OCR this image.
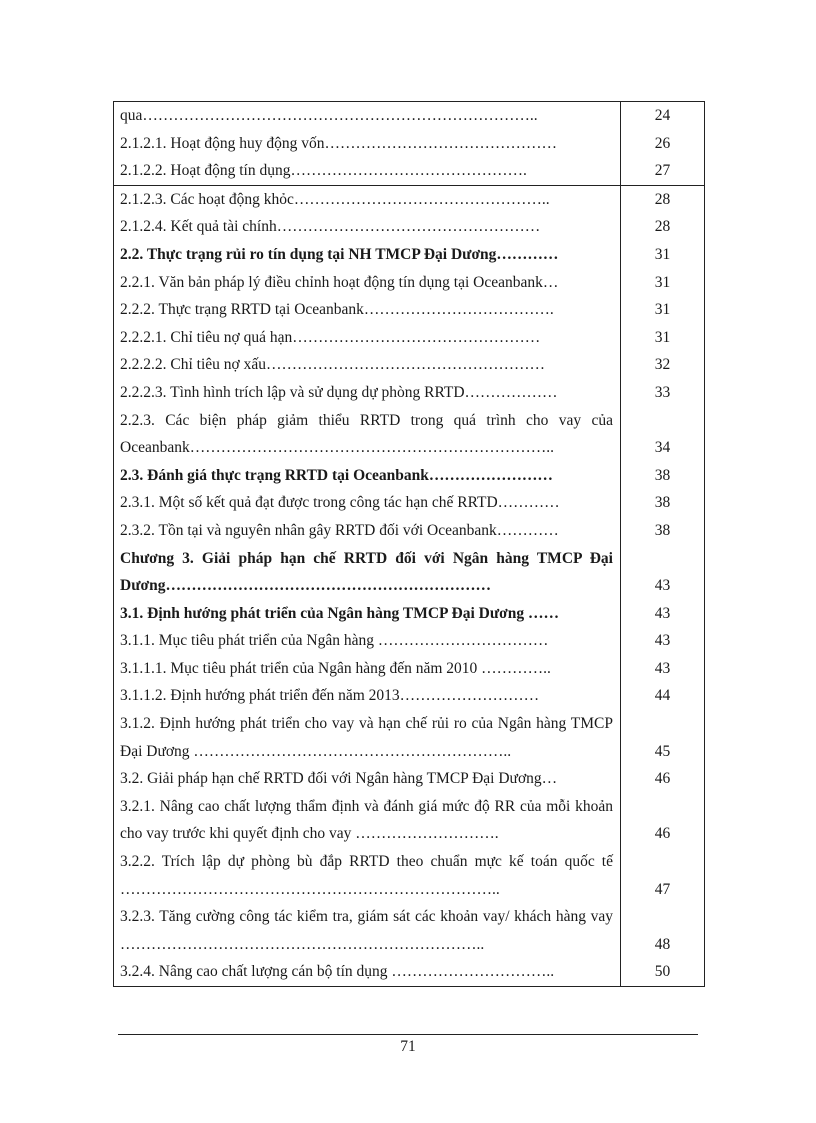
qua…………………………………………………………………..	24
2.1.2.1. Hoạt động huy động vốn………………………………………	26
2.1.2.2. Hoạt động tín dụng……………………………………….	27
2.1.2.3. Các hoạt động khỏc…………………………………………..	28
2.1.2.4. Kết quả tài chính……………………………………………	28
2.2. Thực trạng rủi ro tín dụng tại NH TMCP Đại Dương…………	31
2.2.1. Văn bản pháp lý điều chỉnh hoạt động tín dụng tại Oceanbank…	31
2.2.2. Thực trạng RRTD tại Oceanbank……………………………….	31
2.2.2.1. Chỉ tiêu nợ quá hạn…………………………………………	31
2.2.2.2. Chỉ tiêu nợ xấu………………………………………………	32
2.2.2.3. Tình hình trích lập và sử dụng dự phòng RRTD………………	33
2.2.3. Các biện pháp giảm thiểu RRTD trong quá trình cho vay của Oceanbank……………………………………………………………..	34
2.3. Đánh giá thực trạng RRTD tại Oceanbank……………………	38
2.3.1. Một số kết quả đạt được trong công tác hạn chế RRTD…………	38
2.3.2. Tồn tại và nguyên nhân gây RRTD đối với Oceanbank…………	38
Chương 3. Giải pháp hạn chế RRTD đối với Ngân hàng TMCP Đại Dương………………………………………………………	43
3.1. Định hướng phát triển của Ngân hàng TMCP Đại Dương ……	43
3.1.1. Mục tiêu phát triển của Ngân hàng ……………………………	43
3.1.1.1. Mục tiêu phát triển của Ngân hàng đến năm 2010 …………..	43
3.1.1.2. Định hướng phát triển đến năm 2013………………………	44
3.1.2. Định hướng phát triển cho vay và hạn chế rủi ro của Ngân hàng TMCP Đại Dương ……………………………………………………..	45
3.2. Giải pháp hạn chế RRTD đối với Ngân hàng TMCP Đại Dương…	46
3.2.1. Nâng cao chất lượng thẩm định và đánh giá mức độ RR của mỗi khoản cho vay trước khi quyết định cho vay ……………………….	46
3.2.2. Trích lập dự phòng bù đắp RRTD theo chuẩn mực kế toán quốc tế ………………………………………………………………..	47
3.2.3. Tăng cường công tác kiểm tra, giám sát các khoản vay/ khách hàng vay ……………………………………………………………..	48
3.2.4. Nâng cao chất lượng cán bộ tín dụng …………………………..	50
71
